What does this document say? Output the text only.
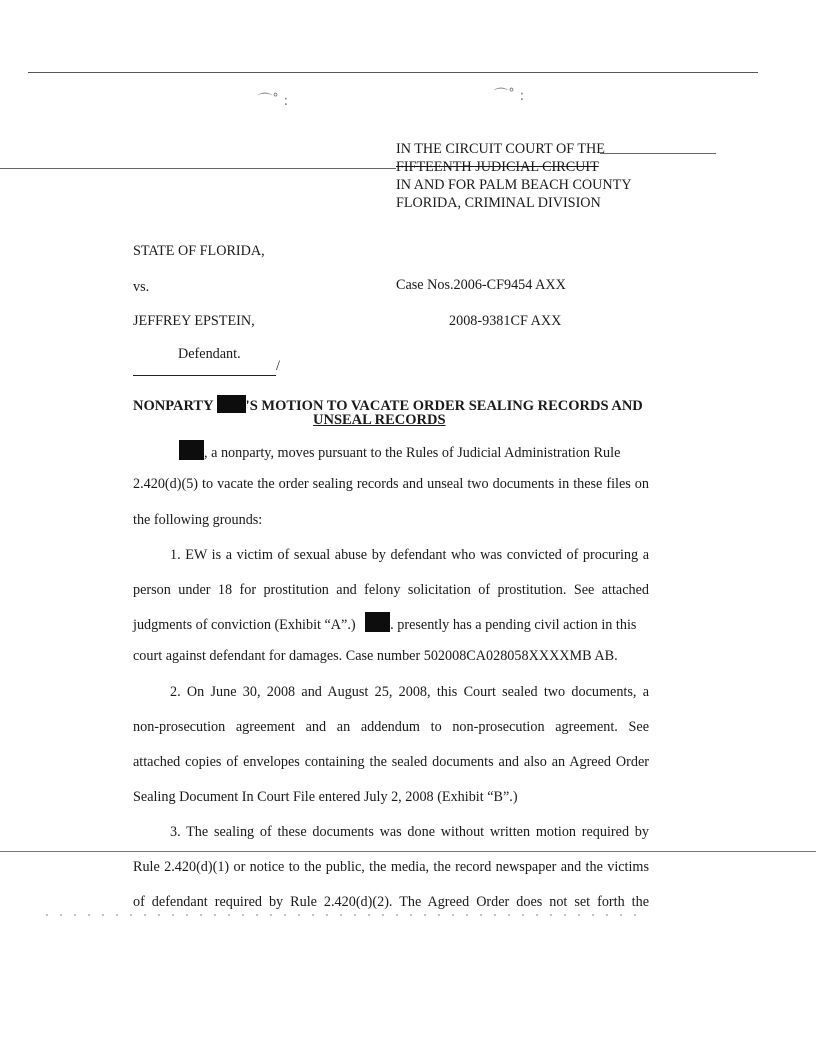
⌒˚ :	⌒˚ :
IN THE CIRCUIT COURT OF THE
FIFTEENTH JUDICIAL CIRCUIT
IN AND FOR PALM BEACH COUNTY
FLORIDA, CRIMINAL DIVISION
STATE OF FLORIDA,
vs.	Case Nos.2006-CF9454 AXX
JEFFREY EPSTEIN,	2008-9381CF AXX
Defendant.
/
NONPARTY 'S MOTION TO VACATE ORDER SEALING RECORDS AND
UNSEAL RECORDS
, a nonparty, moves pursuant to the Rules of Judicial Administration Rule
2.420(d)(5) to vacate the order sealing records and unseal two documents in these files on
the following grounds:
1. EW is a victim of sexual abuse by defendant who was convicted of procuring a
person under 18 for prostitution and felony solicitation of prostitution. See attached
judgments of conviction (Exhibit “A”.) . presently has a pending civil action in this
court against defendant for damages. Case number 502008CA028058XXXXMB AB.
2. On June 30, 2008 and August 25, 2008, this Court sealed two documents, a
non-prosecution agreement and an addendum to non-prosecution agreement. See
attached copies of envelopes containing the sealed documents and also an Agreed Order
Sealing Document In Court File entered July 2, 2008 (Exhibit “B”.)
3. The sealing of these documents was done without written motion required by
Rule 2.420(d)(1) or notice to the public, the media, the record newspaper and the victims
of defendant required by Rule 2.420(d)(2). The Agreed Order does not set forth the
